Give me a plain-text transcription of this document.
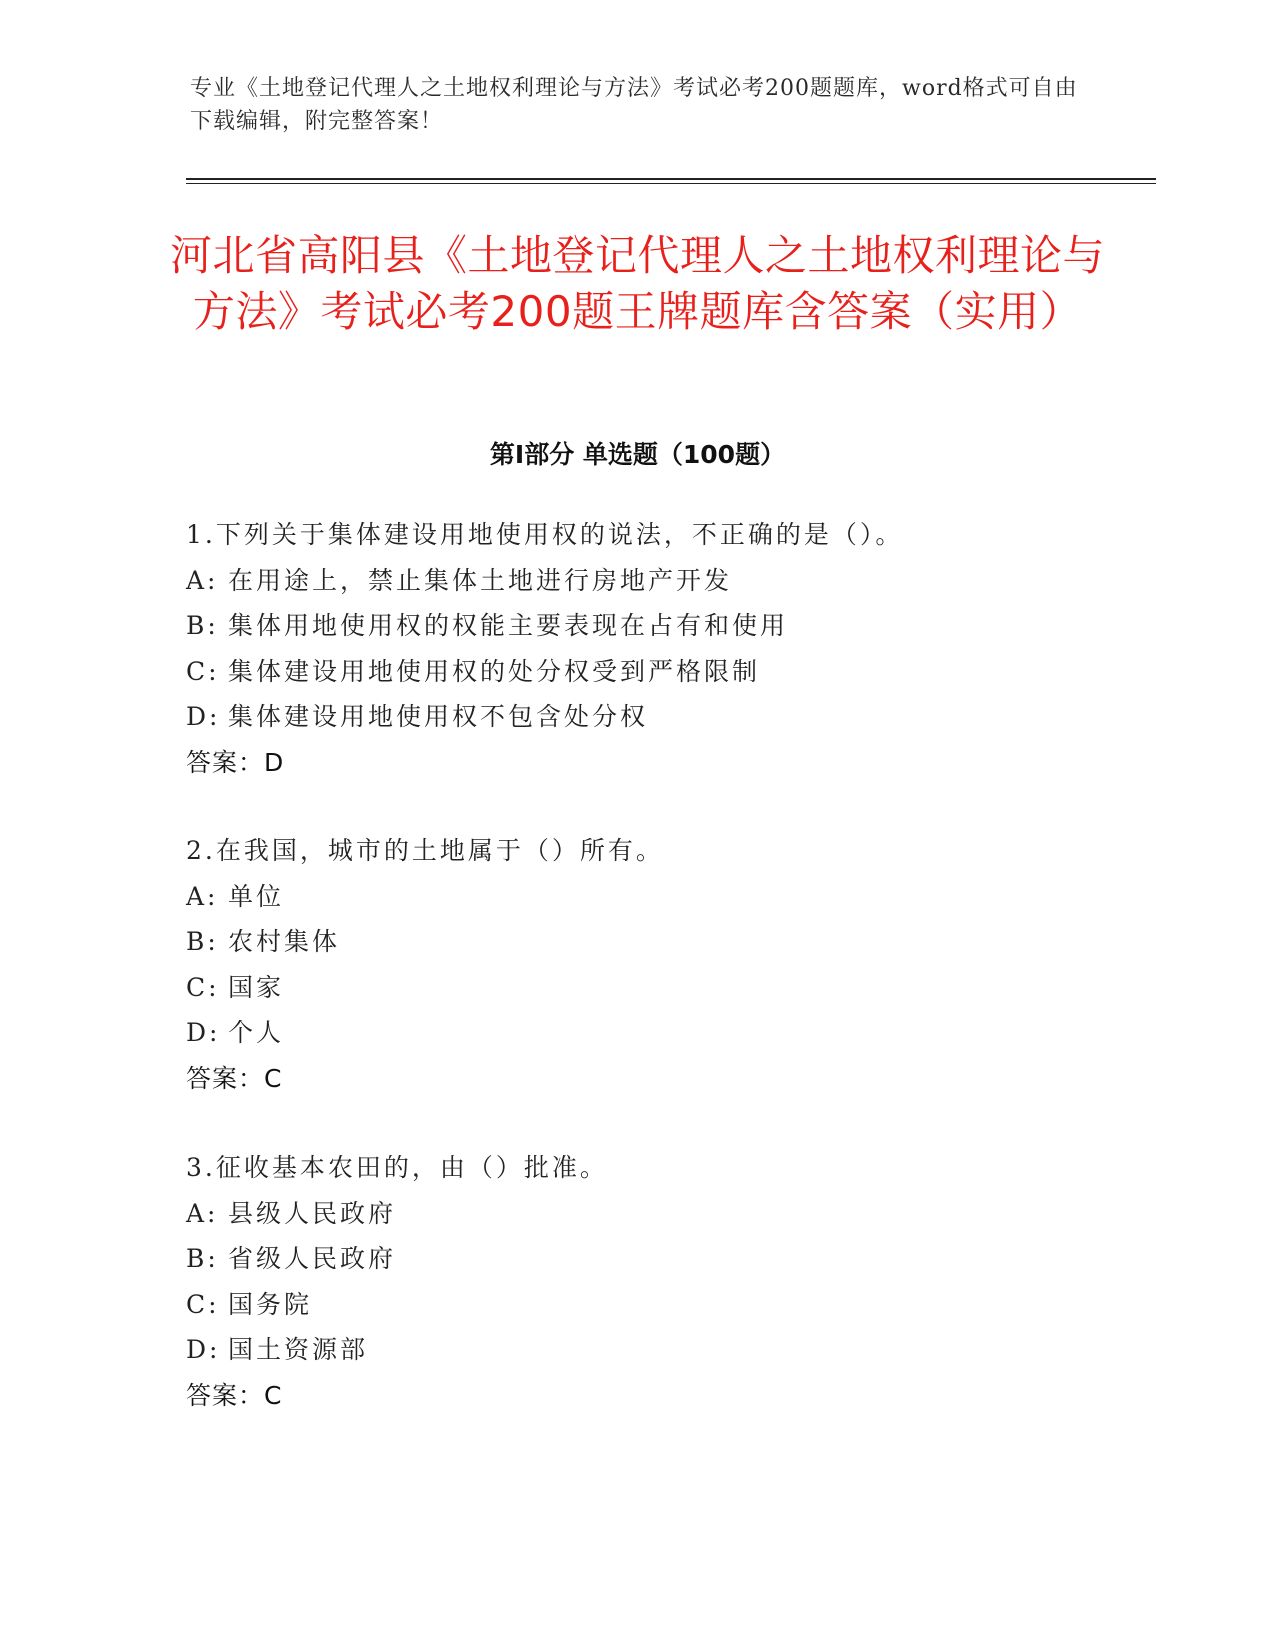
专业《土地登记代理人之土地权利理论与方法》考试必考200题题库，word格式可自由下载编辑，附完整答案！
河北省高阳县《土地登记代理人之土地权利理论与方法》考试必考200题王牌题库含答案（实用）
第I部分 单选题（100题）
1.下列关于集体建设用地使用权的说法，不正确的是（）。
A: 在用途上，禁止集体土地进行房地产开发
B: 集体用地使用权的权能主要表现在占有和使用
C: 集体建设用地使用权的处分权受到严格限制
D: 集体建设用地使用权不包含处分权
答案：D
2.在我国，城市的土地属于（）所有。
A: 单位
B: 农村集体
C: 国家
D: 个人
答案：C
3.征收基本农田的，由（）批准。
A: 县级人民政府
B: 省级人民政府
C: 国务院
D: 国土资源部
答案：C
